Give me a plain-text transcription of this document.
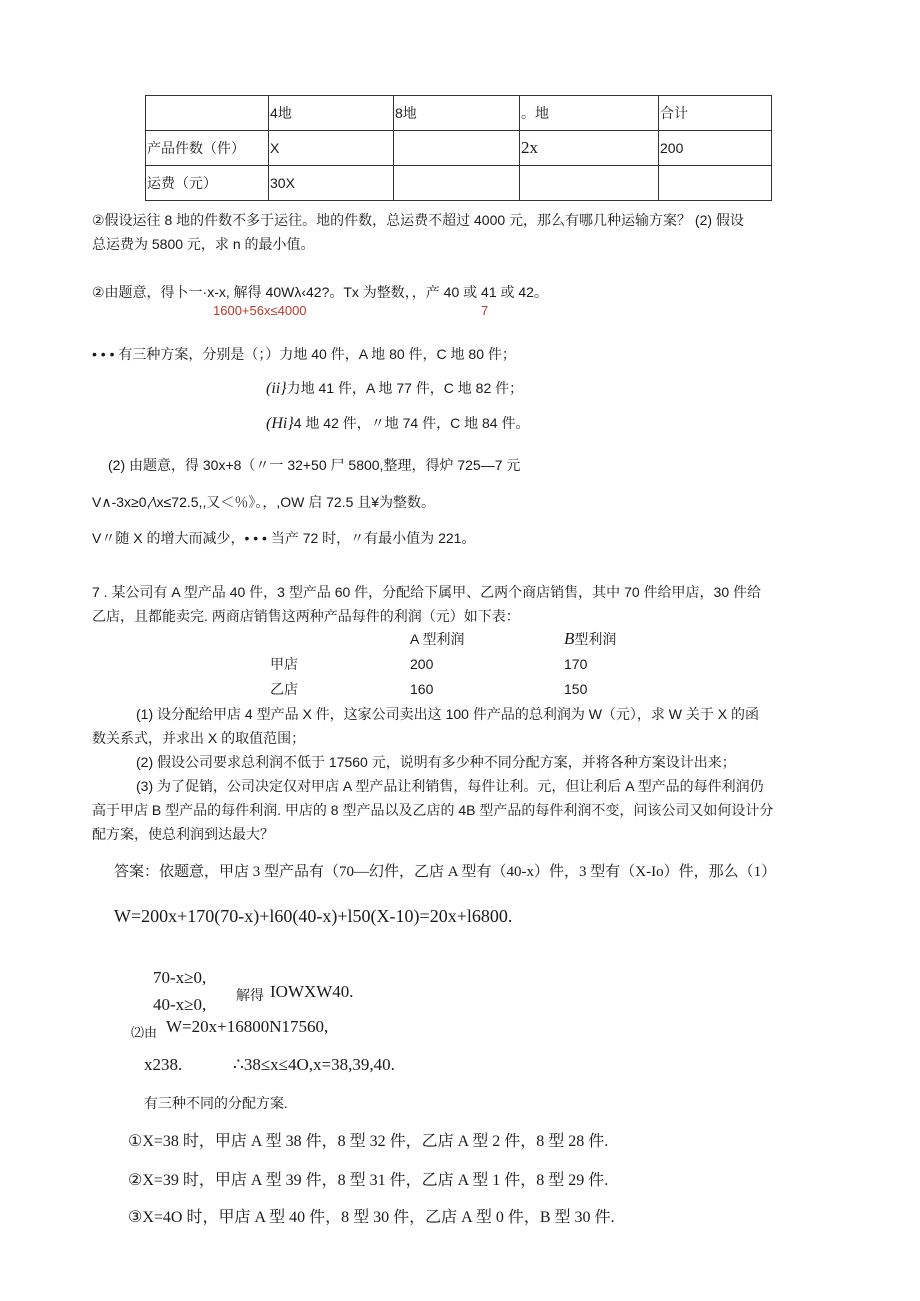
	4地	8地	。地	合计
产品件数（件）	X		2x	200
运费（元）	30X			
②假设运往 8 地的件数不多于运往。地的件数，总运费不超过 4000 元，那么有哪几种运输方案？ (2) 假设
总运费为 5800 元，求 n 的最小值。
②由题意，得卜一·x-x, 解得 40Wλ‹42?。Tx 为整数，，产 40 或 41 或 42。
1600+56x≤4000	7
• • • 有三种方案，分别是（；）力地 40 件，A 地 80 件，C 地 80 件；
(ii}力地 41 件，A 地 77 件，C 地 82 件；
(Hi}4 地 42 件，〃地 74 件，C 地 84 件。
(2) 由题意，得 30x+8（〃一 32+50 尸 5800,整理，得炉 725—7 元
V∧-3x≥0,∕\x≤72.5,,又＜％》。，,OW 启 72.5 且¥为整数。
V〃随 X 的增大而减少，• • • 当产 72 时，〃有最小值为 221。
7 . 某公司有 A 型产品 40 件，3 型产品 60 件，分配给下属甲、乙两个商店销售，其中 70 件给甲店，30 件给
乙店，且都能卖完. 两商店销售这两种产品每件的利润（元）如下表：
	A 型利润	B型利润
甲店	200	170
乙店	160	150
(1) 设分配给甲店 4 型产品 X 件，这家公司卖出这 100 件产品的总利润为 W（元），求 W 关于 X 的函
数关系式，并求出 X 的取值范围；
(2) 假设公司要求总利润不低于 17560 元，说明有多少种不同分配方案，并将各种方案设计出来；
(3) 为了促销，公司决定仅对甲店 A 型产品让利销售，每件让利。元，但让利后 A 型产品的每件利润仍
高于甲店 B 型产品的每件利润. 甲店的 8 型产品以及乙店的 4B 型产品的每件利润不变，问该公司又如何设计分
配方案，使总利润到达最大？
答案：依题意，甲店 3 型产品有（70—幻件，乙店 A 型有（40-x）件，3 型有（X-Io）件，那么（1）
W=200x+170(70-x)+l60(40-x)+l50(X-10)=20x+l6800.
70-x≥0,
40-x≥0, 解得 IOWXW40.
⑵由 W=20x+16800N17560,
x238.	∴38≤x≤4O,x=38,39,40.
有三种不同的分配方案.
①X=38 时，甲店 A 型 38 件，8 型 32 件，乙店 A 型 2 件，8 型 28 件.
②X=39 时，甲店 A 型 39 件，8 型 31 件，乙店 A 型 1 件，8 型 29 件.
③X=4O 时，甲店 A 型 40 件，8 型 30 件，乙店 A 型 0 件，B 型 30 件.
